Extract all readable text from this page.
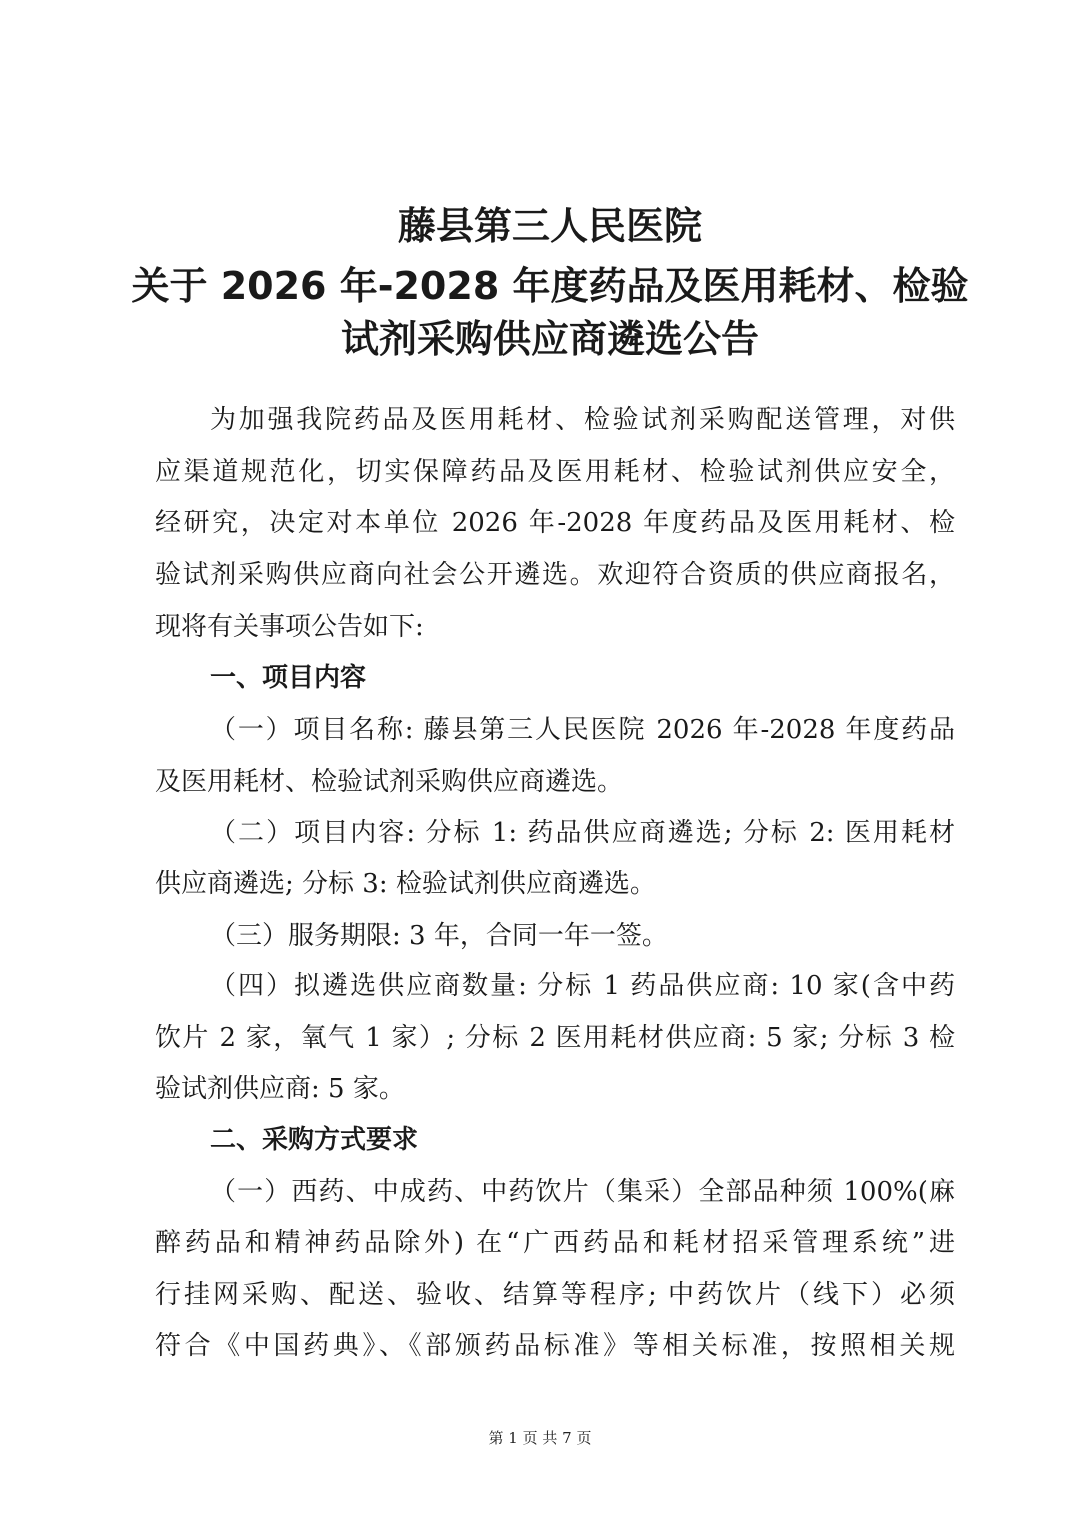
藤县第三人民医院
关于 2026 年-2028 年度药品及医用耗材、检验
试剂采购供应商遴选公告
为加强我院药品及医用耗材、检验试剂采购配送管理，对供
应渠道规范化，切实保障药品及医用耗材、检验试剂供应安全，
经研究，决定对本单位 2026 年-2028 年度药品及医用耗材、检
验试剂采购供应商向社会公开遴选。欢迎符合资质的供应商报名，
现将有关事项公告如下:
一、项目内容
（一）项目名称: 藤县第三人民医院 2026 年-2028 年度药品
及医用耗材、检验试剂采购供应商遴选。
（二）项目内容: 分标 1: 药品供应商遴选; 分标 2: 医用耗材
供应商遴选; 分标 3: 检验试剂供应商遴选。
（三）服务期限: 3 年，合同一年一签。
（四）拟遴选供应商数量: 分标 1 药品供应商: 10 家(含中药
饮片 2 家，氧气 1 家）; 分标 2 医用耗材供应商: 5 家; 分标 3 检
验试剂供应商: 5 家。
二、采购方式要求
（一）西药、中成药、中药饮片（集采）全部品种须 100%(麻
醉药品和精神药品除外) 在“广西药品和耗材招采管理系统”进
行挂网采购、配送、验收、结算等程序; 中药饮片（线下）必须
符合《中国药典》、《部颁药品标准》等相关标准，按照相关规
第 1 页 共 7 页
